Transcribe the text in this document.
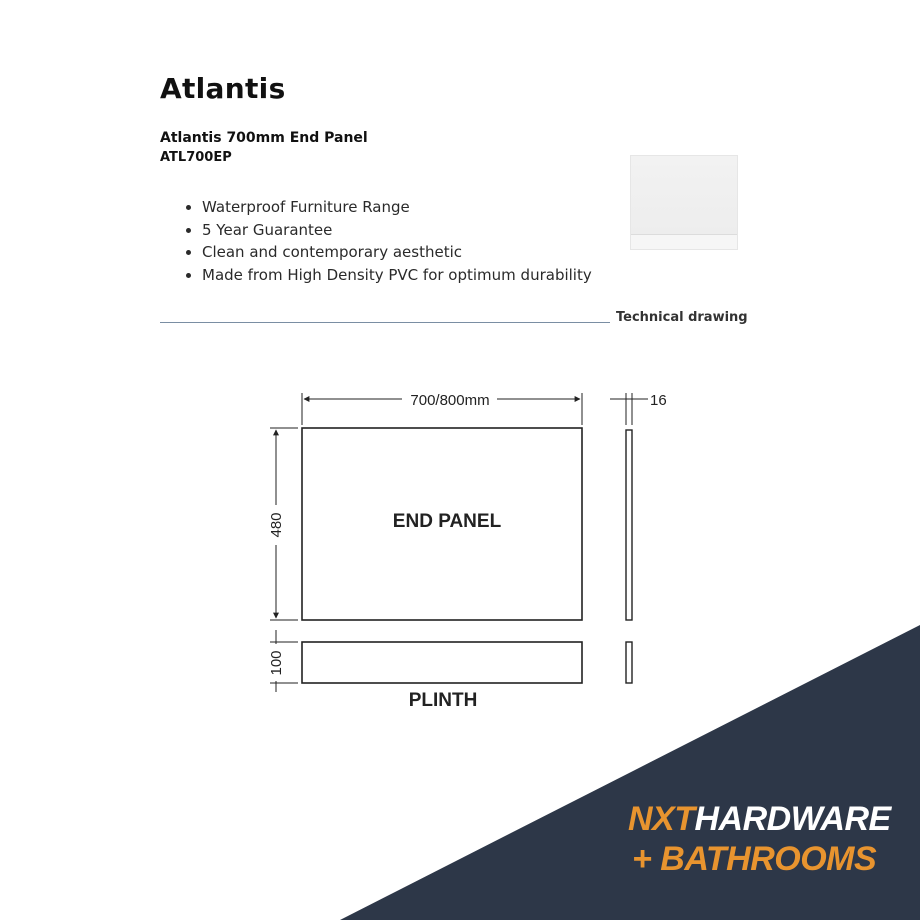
Atlantis

Atlantis 700mm End Panel

ATL700EP

• Waterproof Furniture Range
• 5 Year Guarantee
• Clean and contemporary aesthetic
• Made from High Density PVC for optimum durability

Technical drawing

700/800mm	16
480
100
END PANEL
PLINTH

NXTHARDWARE

+ BATHROOMS
